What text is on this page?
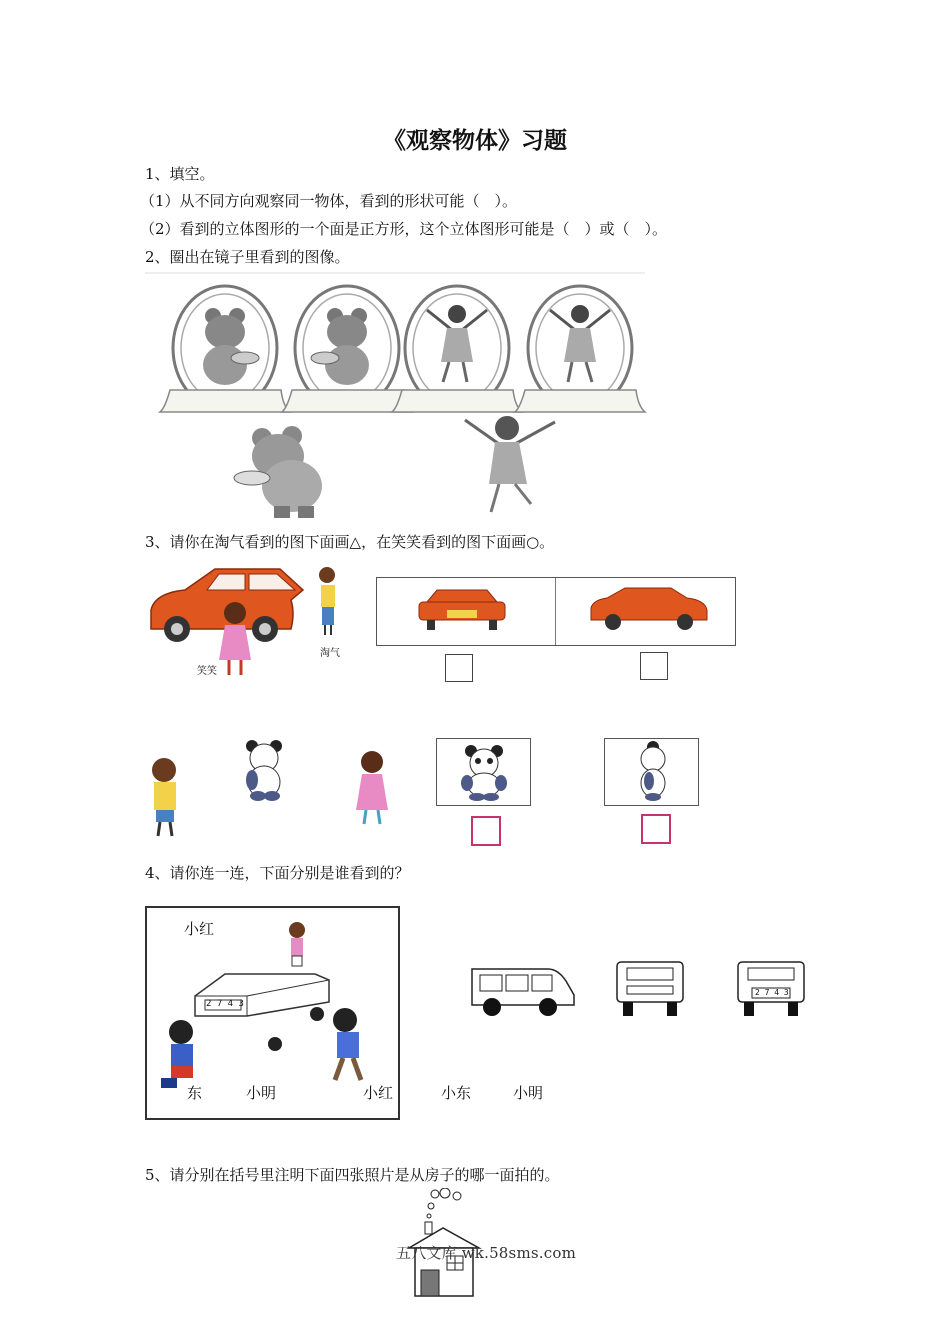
《观察物体》习题
1、填空。
（1）从不同方向观察同一物体，看到的形状可能（　）。
（2）看到的立体图形的一个面是正方形，这个立体图形可能是（　）或（　）。
2、圈出在镜子里看到的图像。
3、请你在淘气看到的图下面画△，在笑笑看到的图下面画○。
笑笑
淘气
4、请你连一连，下面分别是谁看到的？
小红
2 7 4 3
东	小明
2 7 4 3
小红	小东	小明
5、请分别在括号里注明下面四张照片是从房子的哪一面拍的。
五八文库 wk.58sms.com
